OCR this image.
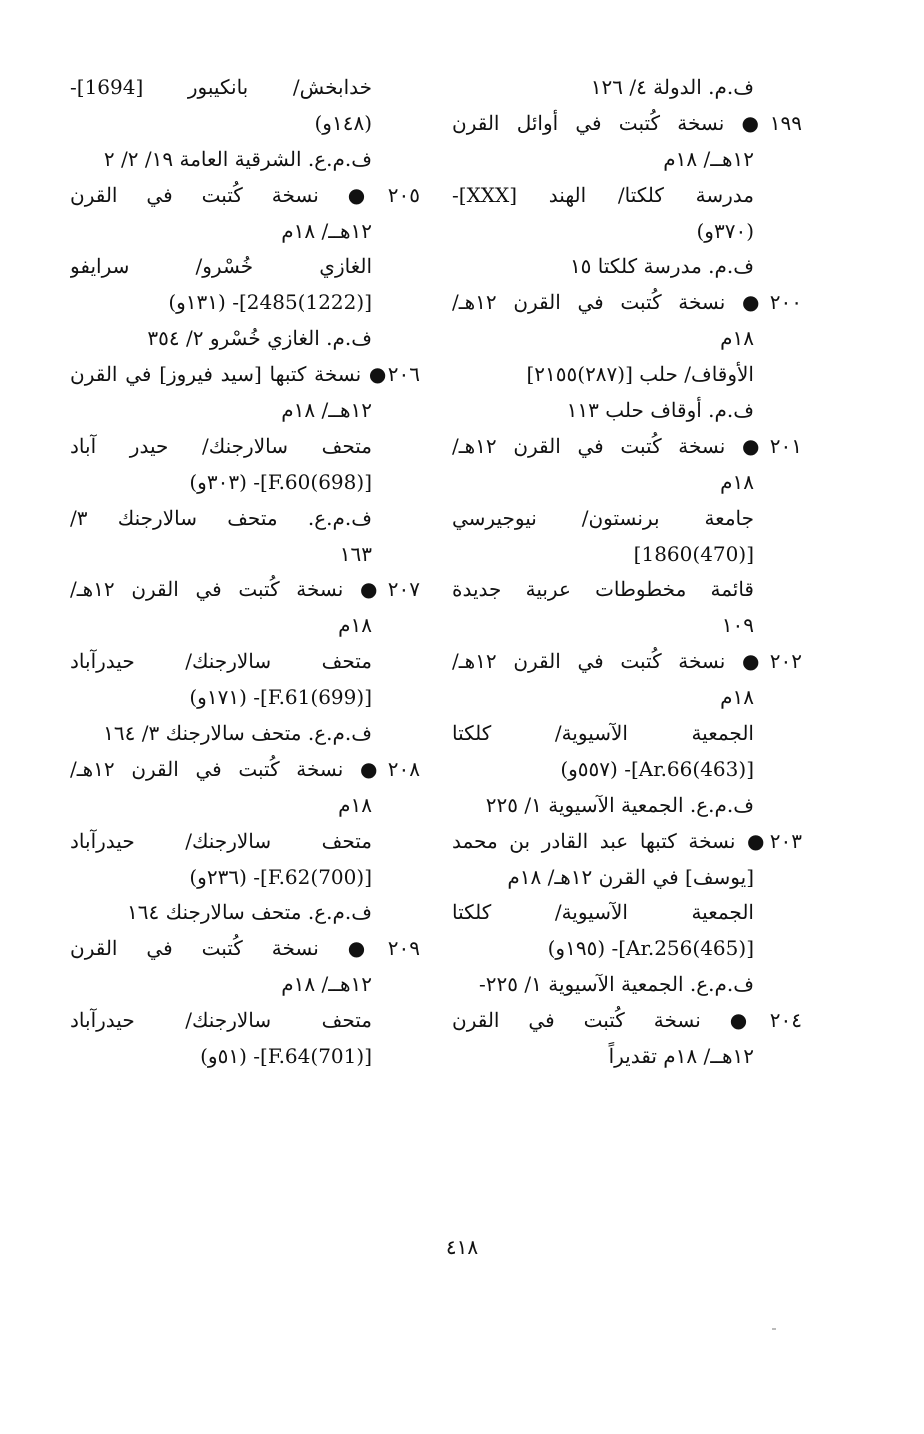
ف.م. الدولة ٤/ ١٢٦
١٩٩● نسخة كُتبت في أوائل القرن
١٢هــ/ ١٨م
مدرسة كلكتا/ الهند [XXX]-
(٣٧٠و)
ف.م. مدرسة كلكتا ١٥
٢٠٠● نسخة كُتبت في القرن ١٢هـ/
١٨م
الأوقاف/ حلب [(٢٨٧)٢١٥٥]
ف.م. أوقاف حلب ١١٣
٢٠١● نسخة كُتبت في القرن ١٢هـ/
١٨م
جامعة برنستون/ نيوجيرسي
[(470)1860]
قائمة مخطوطات عربية جديدة
١٠٩
٢٠٢● نسخة كُتبت في القرن ١٢هـ/
١٨م
الجمعية الآسيوية/ كلكتا
[(463)Ar.66]- (٥٥٧و)
ف.م.ع. الجمعية الآسيوية ١/ ٢٢٥
٢٠٣● نسخة كتبها عبد القادر بن محمد
[يوسف] في القرن ١٢هـ/ ١٨م
الجمعية الآسيوية/ كلكتا
[(465)Ar.256]- (١٩٥و)
ف.م.ع. الجمعية الآسيوية ١/ ٢٢٥-
٢٠٤● نسخة كُتبت في القرن
١٢هــ/ ١٨م تقديراً
خدابخش/ بانكيبور [1694]-
(١٤٨و)
ف.م.ع. الشرقية العامة ١٩/ ٢/ ٢
٢٠٥● نسخة كُتبت في القرن
١٢هــ/ ١٨م
الغازي خُسْرو/ سرايفو
[(1222)2485]- (١٣١و)
ف.م. الغازي خُسْرو ٢/ ٣٥٤
٢٠٦● نسخة كتبها [سيد فيروز] في القرن
١٢هــ/ ١٨م
متحف سالارجنك/ حيدر آباد
[(698)F.60]- (٣٠٣و)
ف.م.ع. متحف سالارجنك ٣/
١٦٣
٢٠٧● نسخة كُتبت في القرن ١٢هـ/
١٨م
متحف سالارجنك/ حيدرآباد
[(699)F.61]- (١٧١و)
ف.م.ع. متحف سالارجنك ٣/ ١٦٤
٢٠٨● نسخة كُتبت في القرن ١٢هـ/
١٨م
متحف سالارجنك/ حيدرآباد
[(700)F.62]- (٢٣٦و)
ف.م.ع. متحف سالارجنك ١٦٤
٢٠٩● نسخة كُتبت في القرن
١٢هــ/ ١٨م
متحف سالارجنك/ حيدرآباد
[(701)F.64]- (٥١و)
٤١٨
